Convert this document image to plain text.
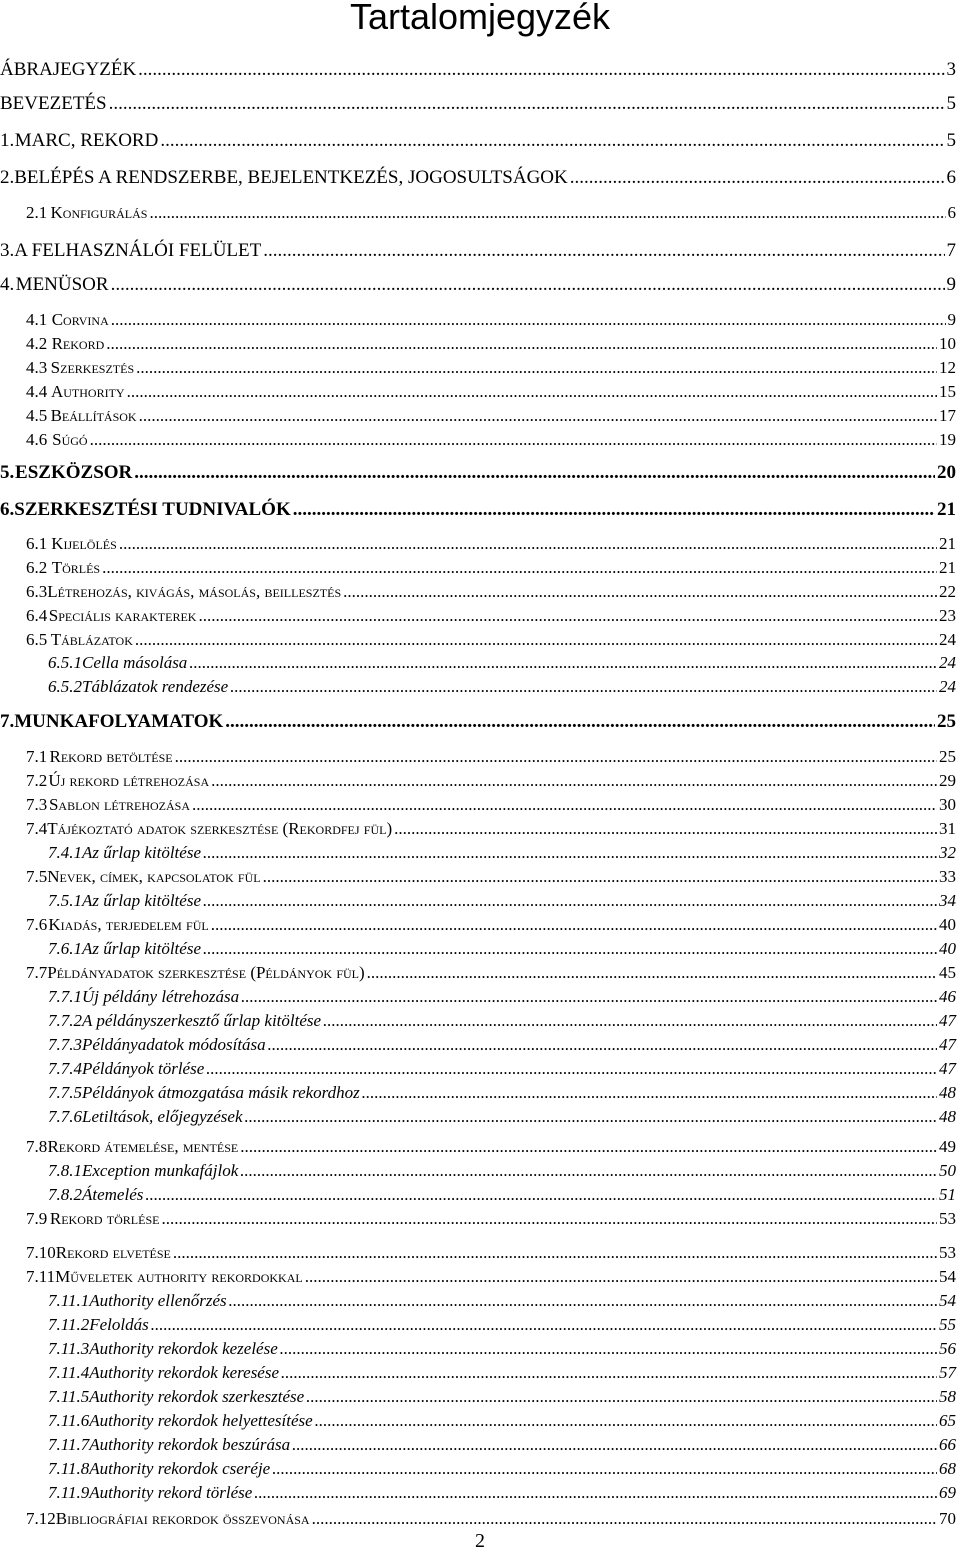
Tartalomjegyzék
ÁBRAJEGYZÉK .....	3
BEVEZETÉS .....	5
1. MARC, REKORD .....	5
2. BELÉPÉS A RENDSZERBE, BEJELENTKEZÉS, JOGOSULTSÁGOK .....	6
2.1 Konfigurálás .....	6
3. A FELHASZNÁLÓI FELÜLET .....	7
4. MENÜSOR .....	9
4.1 Corvina .....	9
4.2 Rekord .....	10
4.3 Szerkesztés .....	12
4.4 Authority .....	15
4.5 Beállítások .....	17
4.6 Súgó .....	19
5. ESZKÖZSOR .....	20
6. SZERKESZTÉSI TUDNIVALÓK .....	21
6.1 Kijelölés .....	21
6.2 Törlés .....	21
6.3 Létrehozás, kivágás, másolás, beillesztés .....	22
6.4 Speciális karakterek .....	23
6.5 Táblázatok .....	24
6.5.1 Cella másolása .....	24
6.5.2 Táblázatok rendezése .....	24
7. MUNKAFOLYAMATOK .....	25
7.1 Rekord betöltése .....	25
7.2 Új rekord létrehozása .....	29
7.3 Sablon létrehozása .....	30
7.4 Tájékoztató adatok szerkesztése (Rekordfej fül) .....	31
7.4.1 Az űrlap kitöltése .....	32
7.5 Nevek, címek, kapcsolatok fül .....	33
7.5.1 Az űrlap kitöltése .....	34
7.6 Kiadás, terjedelem fül .....	40
7.6.1 Az űrlap kitöltése .....	40
7.7 Példányadatok szerkesztése (Példányok fül) .....	45
7.7.1 Új példány létrehozása .....	46
7.7.2 A példányszerkesztő űrlap kitöltése .....	47
7.7.3 Példányadatok módosítása .....	47
7.7.4 Példányok törlése .....	47
7.7.5 Példányok átmozgatása másik rekordhoz .....	48
7.7.6 Letiltások, előjegyzések .....	48
7.8 Rekord átemelése, mentése .....	49
7.8.1 Exception munkafájlok .....	50
7.8.2 Átemelés .....	51
7.9 Rekord törlése .....	53
7.10 Rekord elvetése .....	53
7.11 Műveletek authority rekordokkal .....	54
7.11.1 Authority ellenőrzés .....	54
7.11.2 Feloldás .....	55
7.11.3 Authority rekordok kezelése .....	56
7.11.4 Authority rekordok keresése .....	57
7.11.5 Authority rekordok szerkesztése .....	58
7.11.6 Authority rekordok helyettesítése .....	65
7.11.7 Authority rekordok beszúrása .....	66
7.11.8 Authority rekordok cseréje .....	68
7.11.9 Authority rekord törlése .....	69
7.12 Bibliográfiai rekordok összevonása .....	70
2
